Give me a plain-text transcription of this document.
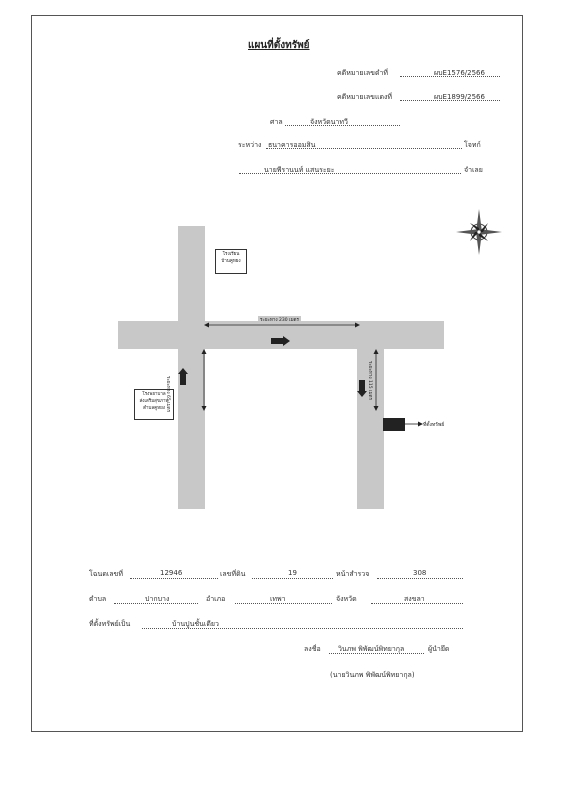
แผนที่ตั้งทรัพย์
คดีหมายเลขดำที่	ผบE1576/2566
คดีหมายเลขแดงที่	ผบE1899/2566
ศาล	จังหวัดนาทวี
ระหว่าง ธนาคารออมสิน	โจทก์
นายพีรานนท์ แสนระยะ	จำเลย
โรงเรียน
บ้านคูหยง
โรงพยาบาล
ส่งเสริมสุขภาพ
ตำบลคูหยง
ระยะทาง 230 เมตร
ระยะทาง 65 เมตร	ระยะทาง 115 เมตร
ที่ตั้งทรัพย์
โฉนดเลขที่	12946	เลขที่ดิน	19	หน้าสำรวจ	308
ตำบล	ปากบาง	อำเภอ	เทพา	จังหวัด	สงขลา
ที่ตั้งทรัพย์เป็น	บ้านปูนชั้นเดียว
ลงชื่อ วินภพ พิพัฒน์พิทยากุล	ผู้นำยึด
(นายวินภพ พิพัฒน์พิทยากุล)
